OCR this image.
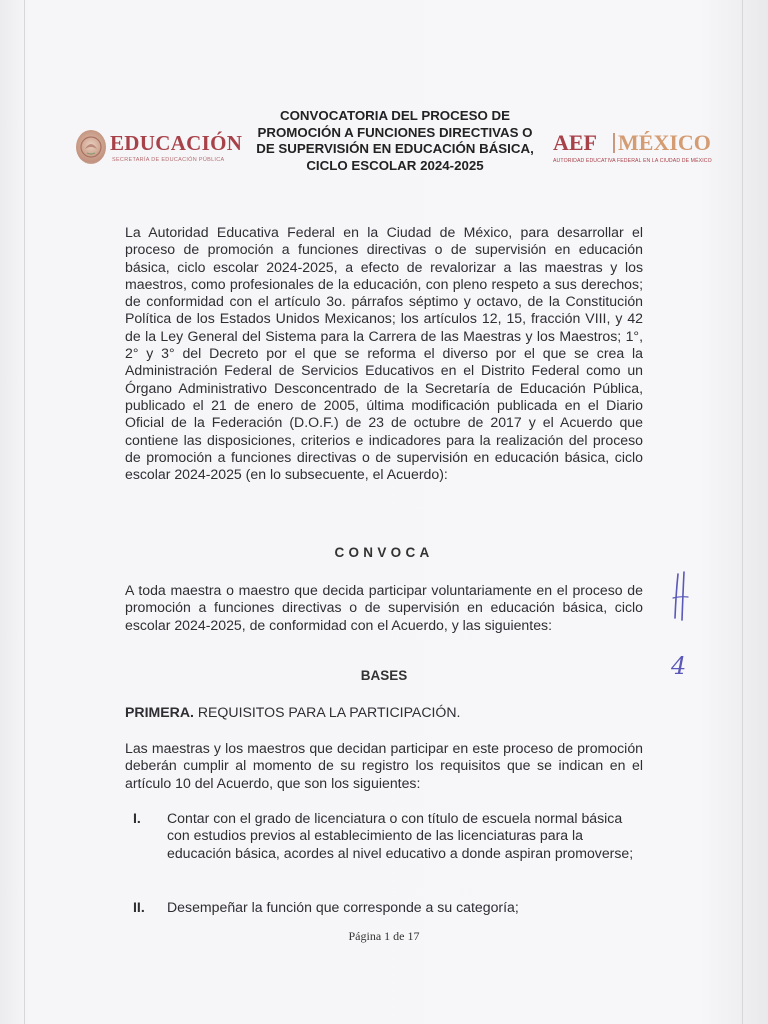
EDUCACIÓN
SECRETARÍA DE EDUCACIÓN PÚBLICA
CONVOCATORIA DEL PROCESO DE
PROMOCIÓN A FUNCIONES DIRECTIVAS O
DE SUPERVISIÓN EN EDUCACIÓN BÁSICA,
CICLO ESCOLAR 2024-2025
AEF MÉXICO
AUTORIDAD EDUCATIVA FEDERAL EN LA CIUDAD DE MÉXICO
La Autoridad Educativa Federal en la Ciudad de México, para desarrollar el proceso de promoción a funciones directivas o de supervisión en educación básica, ciclo escolar 2024-2025, a efecto de revalorizar a las maestras y los maestros, como profesionales de la educación, con pleno respeto a sus derechos; de conformidad con el artículo 3o. párrafos séptimo y octavo, de la Constitución Política de los Estados Unidos Mexicanos; los artículos 12, 15, fracción VIII, y 42 de la Ley General del Sistema para la Carrera de las Maestras y los Maestros; 1°, 2° y 3° del Decreto por el que se reforma el diverso por el que se crea la Administración Federal de Servicios Educativos en el Distrito Federal como un Órgano Administrativo Desconcentrado de la Secretaría de Educación Pública, publicado el 21 de enero de 2005, última modificación publicada en el Diario Oficial de la Federación (D.O.F.) de 23 de octubre de 2017 y el Acuerdo que contiene las disposiciones, criterios e indicadores para la realización del proceso de promoción a funciones directivas o de supervisión en educación básica, ciclo escolar 2024-2025 (en lo subsecuente, el Acuerdo):
CONVOCA
A toda maestra o maestro que decida participar voluntariamente en el proceso de promoción a funciones directivas o de supervisión en educación básica, ciclo escolar 2024-2025, de conformidad con el Acuerdo, y las siguientes:
BASES
PRIMERA. REQUISITOS PARA LA PARTICIPACIÓN.
Las maestras y los maestros que decidan participar en este proceso de promoción deberán cumplir al momento de su registro los requisitos que se indican en el artículo 10 del Acuerdo, que son los siguientes:
I. Contar con el grado de licenciatura o con título de escuela normal básica con estudios previos al establecimiento de las licenciaturas para la educación básica, acordes al nivel educativo a donde aspiran promoverse;
II. Desempeñar la función que corresponde a su categoría;
4
Página 1 de 17
